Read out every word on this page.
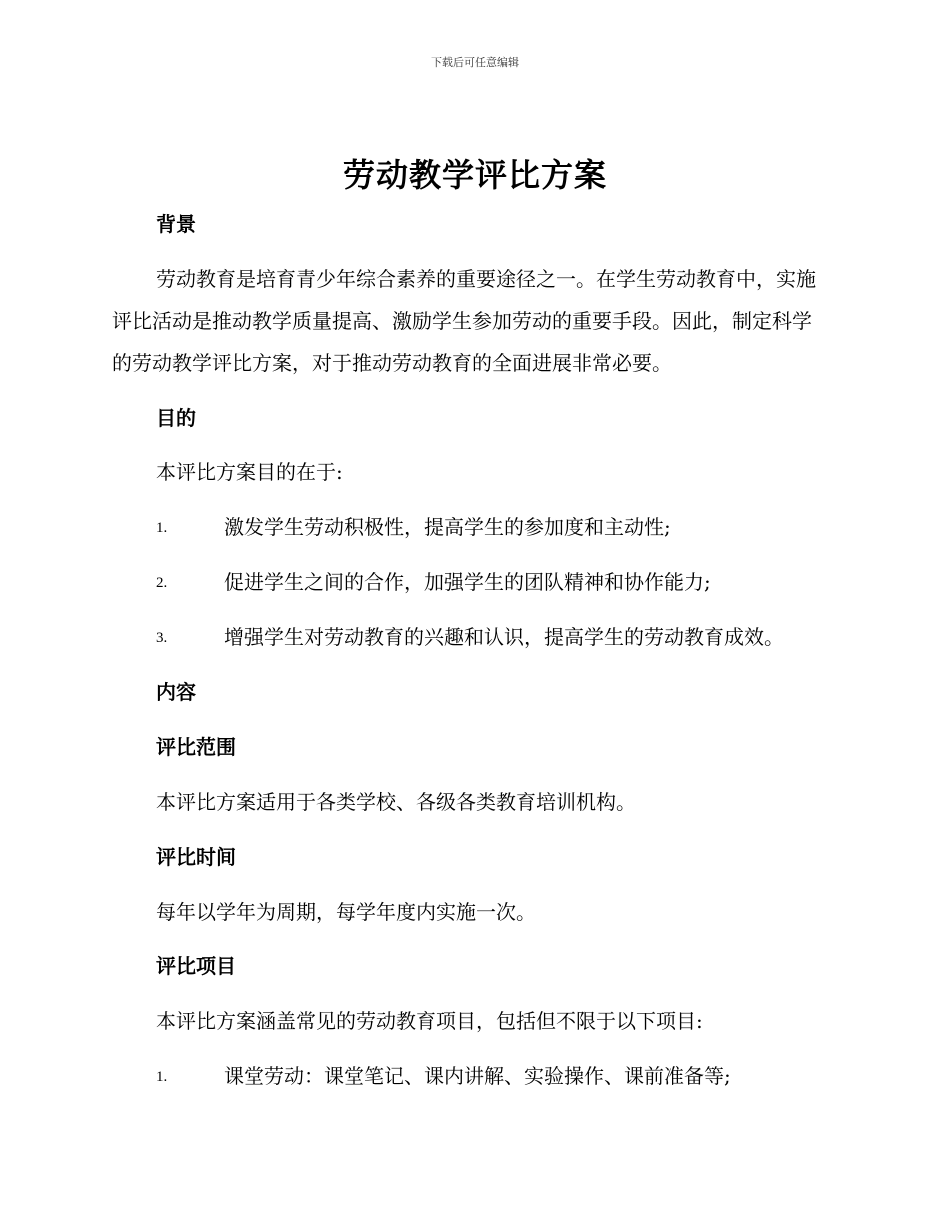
下载后可任意编辑
劳动教学评比方案
背景
劳动教育是培育青少年综合素养的重要途径之一。在学生劳动教育中，实施评比活动是推动教学质量提高、激励学生参加劳动的重要手段。因此，制定科学的劳动教学评比方案，对于推动劳动教育的全面进展非常必要。
目的
本评比方案目的在于:
1.	激发学生劳动积极性，提高学生的参加度和主动性;
2.	促进学生之间的合作，加强学生的团队精神和协作能力;
3.	增强学生对劳动教育的兴趣和认识，提高学生的劳动教育成效。
内容
评比范围
本评比方案适用于各类学校、各级各类教育培训机构。
评比时间
每年以学年为周期，每学年度内实施一次。
评比项目
本评比方案涵盖常见的劳动教育项目，包括但不限于以下项目:
1.	课堂劳动：课堂笔记、课内讲解、实验操作、课前准备等;
